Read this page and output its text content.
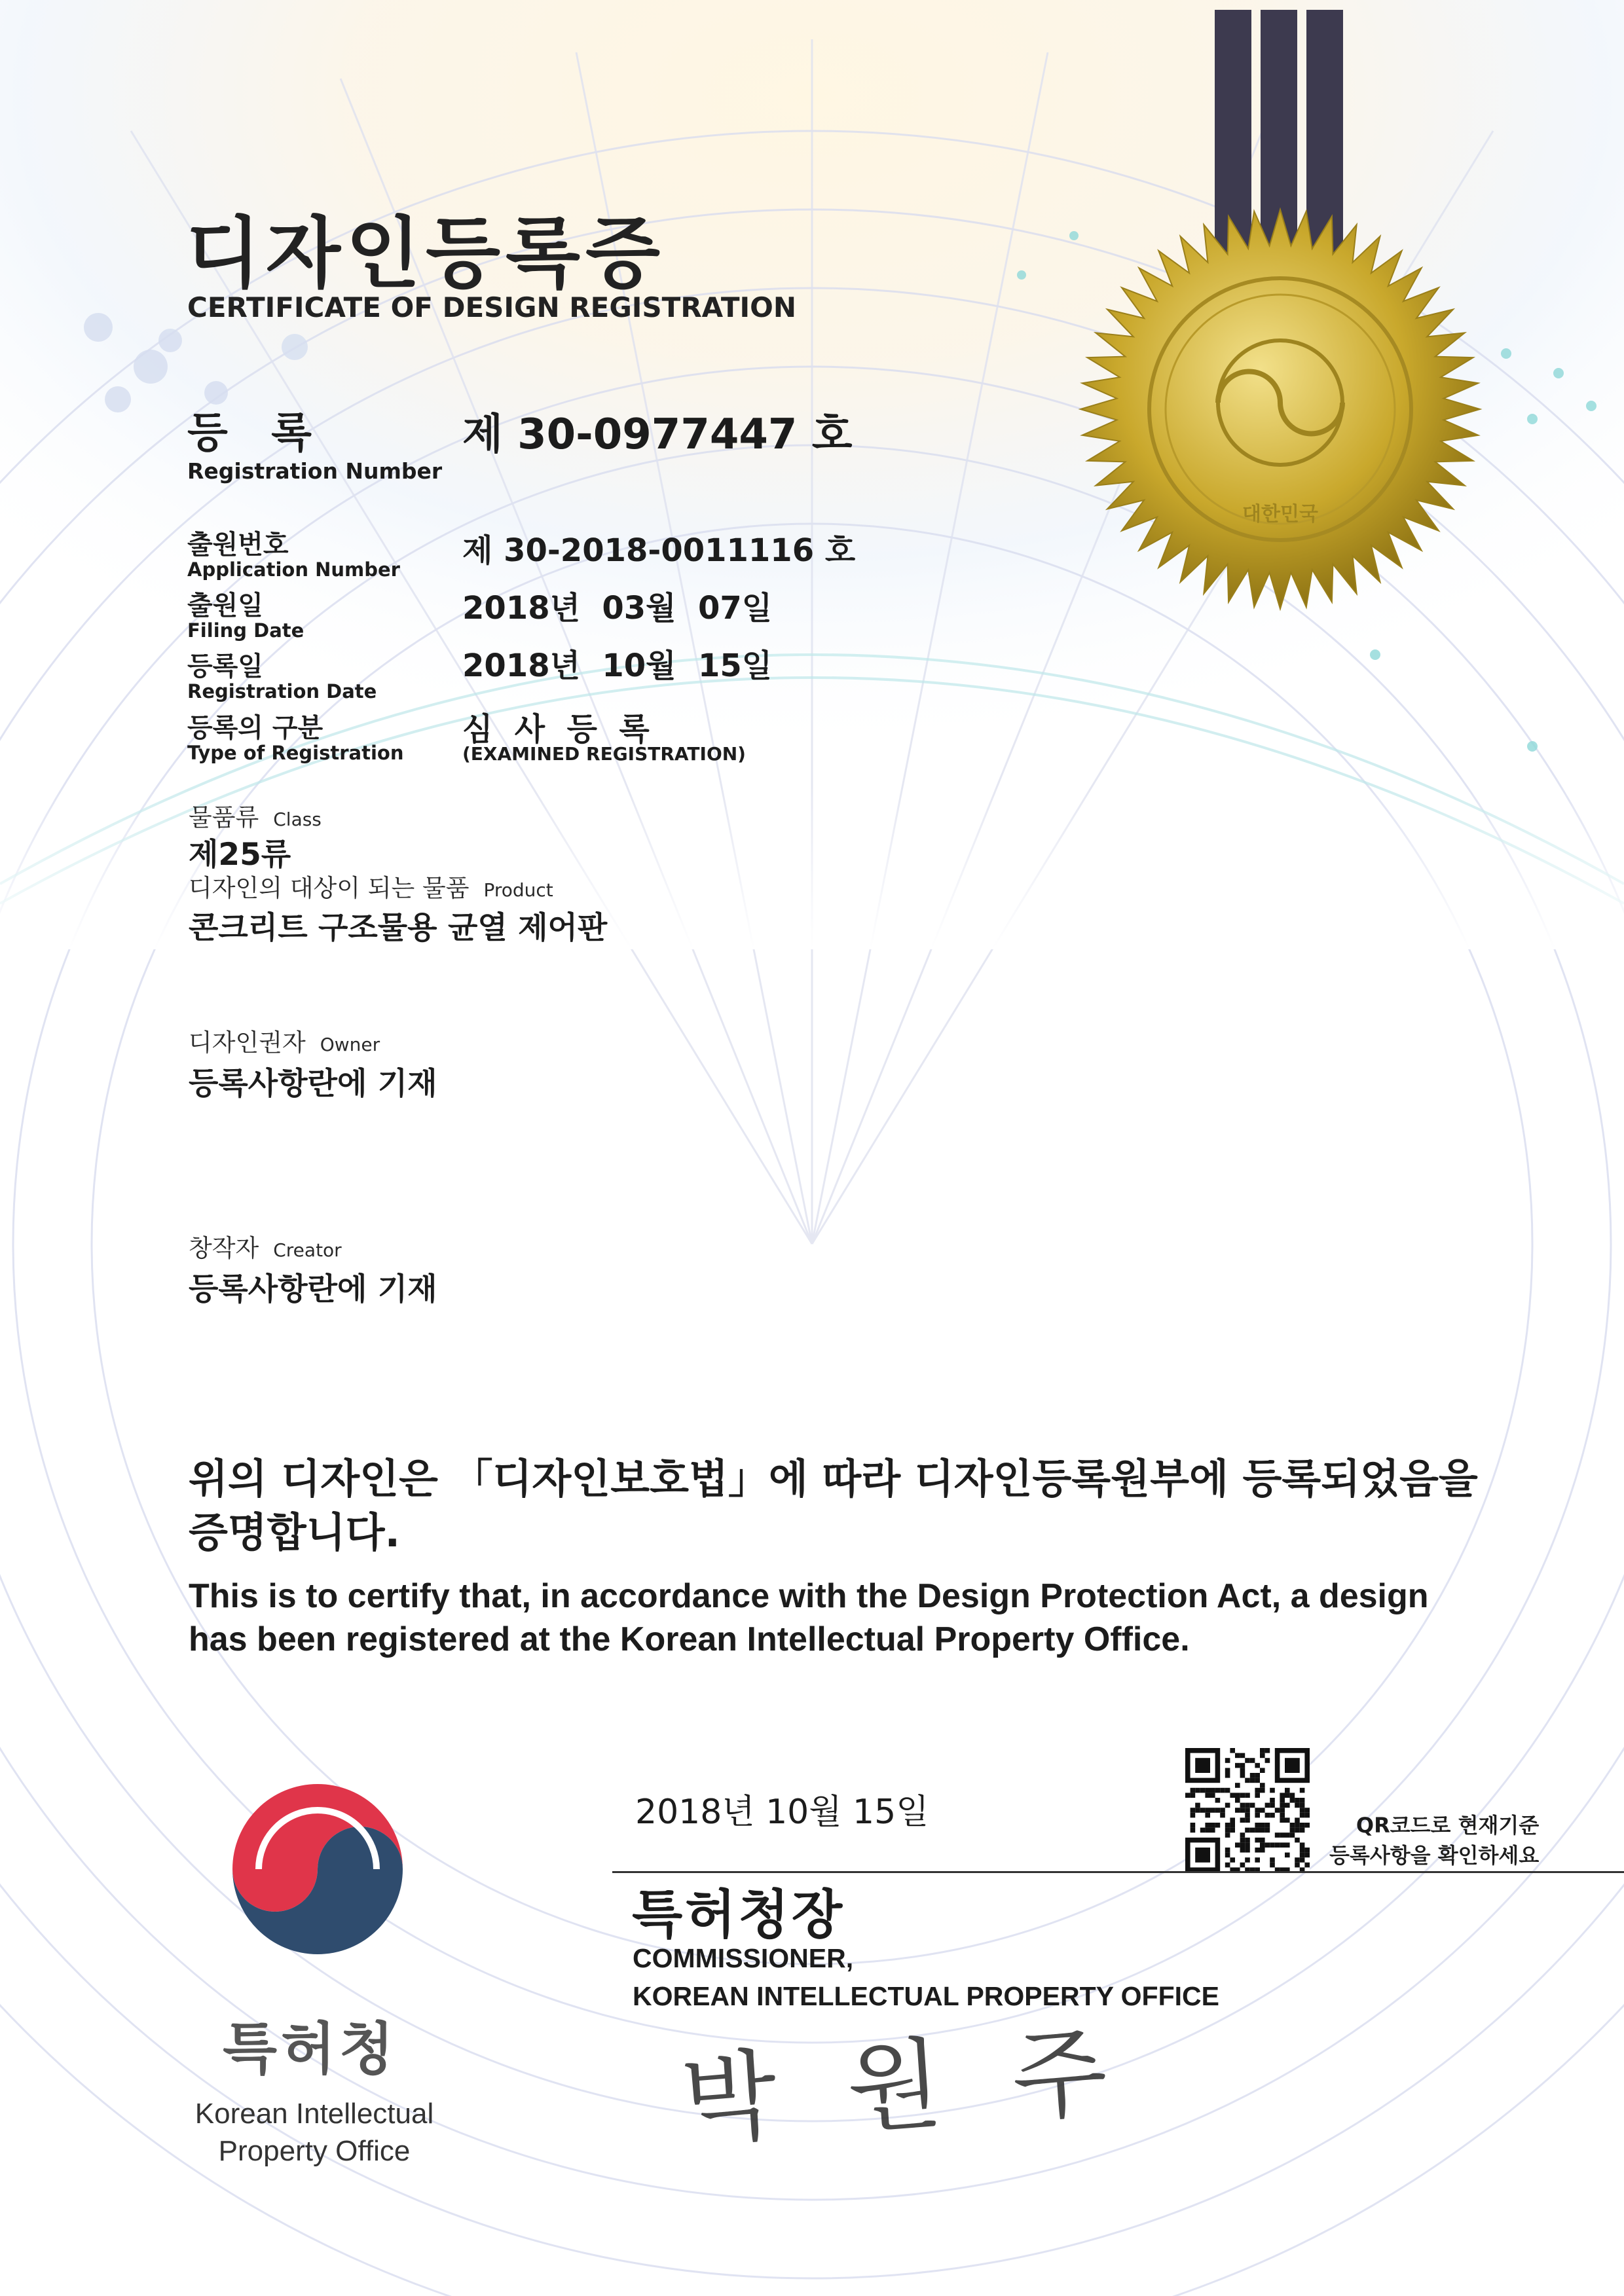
대한민국
디자인등록증
CERTIFICATE OF DESIGN REGISTRATION
등 록
Registration Number
제 30-0977447 호
출원번호
Application Number
제 30-2018-0011116 호
출원일
Filing Date
2018년  03월  07일
등록일
Registration Date
2018년  10월  15일
등록의 구분
Type of Registration
심  사  등  록
(EXAMINED REGISTRATION)
물품류 Class
제25류
디자인의 대상이 되는 물품 Product
콘크리트 구조물용 균열 제어판
디자인권자 Owner
등록사항란에 기재
창작자 Creator
등록사항란에 기재
위의 디자인은 「디자인보호법」에 따라 디자인등록원부에 등록되었음을
증명합니다.
This is to certify that, in accordance with the Design Protection Act, a design
has been registered at the Korean Intellectual Property Office.
2018년 10월 15일	QR코드로 현재기준
등록사항을 확인하세요
특허청장
COMMISSIONER,
KOREAN INTELLECTUAL PROPERTY OFFICE
박 원 주
특허청
Korean Intellectual
Property Office
